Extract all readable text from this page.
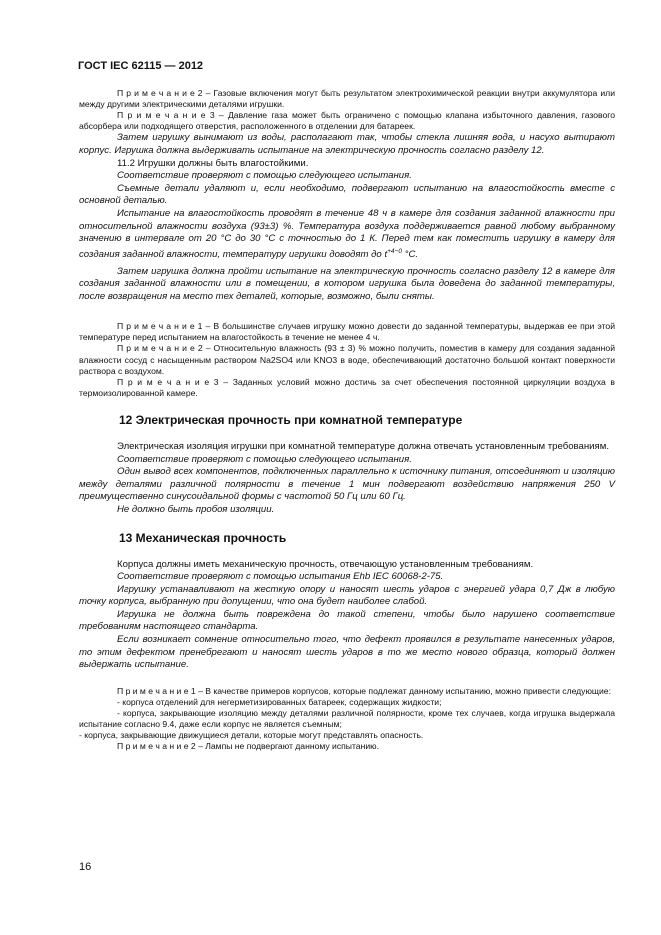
ГОСТ IEC 62115 — 2012

П р и м е ч а н и е 2 – Газовые включения могут быть результатом электрохимической реакции внутри аккумулятора или между другими электрическими деталями игрушки.

П р и м е ч а н и е 3 – Давление газа может быть ограничено с помощью клапана избыточного давления, газового абсорбера или подходящего отверстия, расположенного в отделении для батареек.

Затем игрушку вынимают из воды, располагают так, чтобы стекла лишняя вода, и насухо вытирают корпус. Игрушка должна выдерживать испытание на электрическую прочность согласно разделу 12.

11.2 Игрушки должны быть влагостойкими.

Соответствие проверяют с помощью следующего испытания.

Съемные детали удаляют и, если необходимо, подвергают испытанию на влагостойкость вместе с основной деталью.

Испытание на влагостойкость проводят в течение 48 ч в камере для создания заданной влажности при относительной влажности воздуха (93±3) %. Температура воздуха поддерживается равной любому выбранному значению в интервале от 20 °С до 30 °С с точностью до 1 К. Перед тем как поместить игрушку в камеру для создания заданной влажности, температуру игрушки доводят до $t^{+4-0}$ °С.

Затем игрушка должна пройти испытание на электрическую прочность согласно разделу 12 в камере для создания заданной влажности или в помещении, в котором игрушка была доведена до заданной температуры, после возвращения на место тех деталей, которые, возможно, были сняты.

П р и м е ч а н и е 1 – В большинстве случаев игрушку можно довести до заданной температуры, выдержав ее при этой температуре перед испытанием на влагостойкость в течение не менее 4 ч.

П р и м е ч а н и е 2 – Относительную влажность (93 ± 3) % можно получить, поместив в камеру для создания заданной влажности сосуд с насыщенным раствором Na2SO4 или KNO3 в воде, обеспечивающий достаточно большой контакт поверхности раствора с воздухом.

П р и м е ч а н и е 3 – Заданных условий можно достичь за счет обеспечения постоянной циркуляции воздуха в термоизолированной камере.

12 Электрическая прочность при комнатной температуре

Электрическая изоляция игрушки при комнатной температуре должна отвечать установленным требованиям.

Соответствие проверяют с помощью следующего испытания.

Один вывод всех компонентов, подключенных параллельно к источнику питания, отсоединяют и изоляцию между деталями различной полярности в течение 1 мин подвергают воздействию напряжения 250 V преимущественно синусоидальной формы с частотой 50 Гц или 60 Гц.

Не должно быть пробоя изоляции.

13 Механическая прочность

Корпуса должны иметь механическую прочность, отвечающую установленным требованиям.

Соответствие проверяют с помощью испытания Ehb IEC 60068-2-75.

Игрушку устанавливают на жесткую опору и наносят шесть ударов с энергией удара 0,7 Дж в любую точку корпуса, выбранную при допущении, что она будет наиболее слабой.

Игрушка не должна быть повреждена до такой степени, чтобы было нарушено соответствие требованиям настоящего стандарта.

Если возникает сомнение относительно того, что дефект проявился в результате нанесенных ударов, то этим дефектом пренебрегают и наносят шесть ударов в то же место нового образца, который должен выдержать испытание.

П р и м е ч а н и е 1 – В качестве примеров корпусов, которые подлежат данному испытанию, можно привести следующие:

- корпуса отделений для негерметизированных батареек, содержащих жидкости;

- корпуса, закрывающие изоляцию между деталями различной полярности, кроме тех случаев, когда игрушка выдержала испытание согласно 9.4, даже если корпус не является съемным;

- корпуса, закрывающие движущиеся детали, которые могут представлять опасность.

П р и м е ч а н и е 2 – Лампы не подвергают данному испытанию.

16
